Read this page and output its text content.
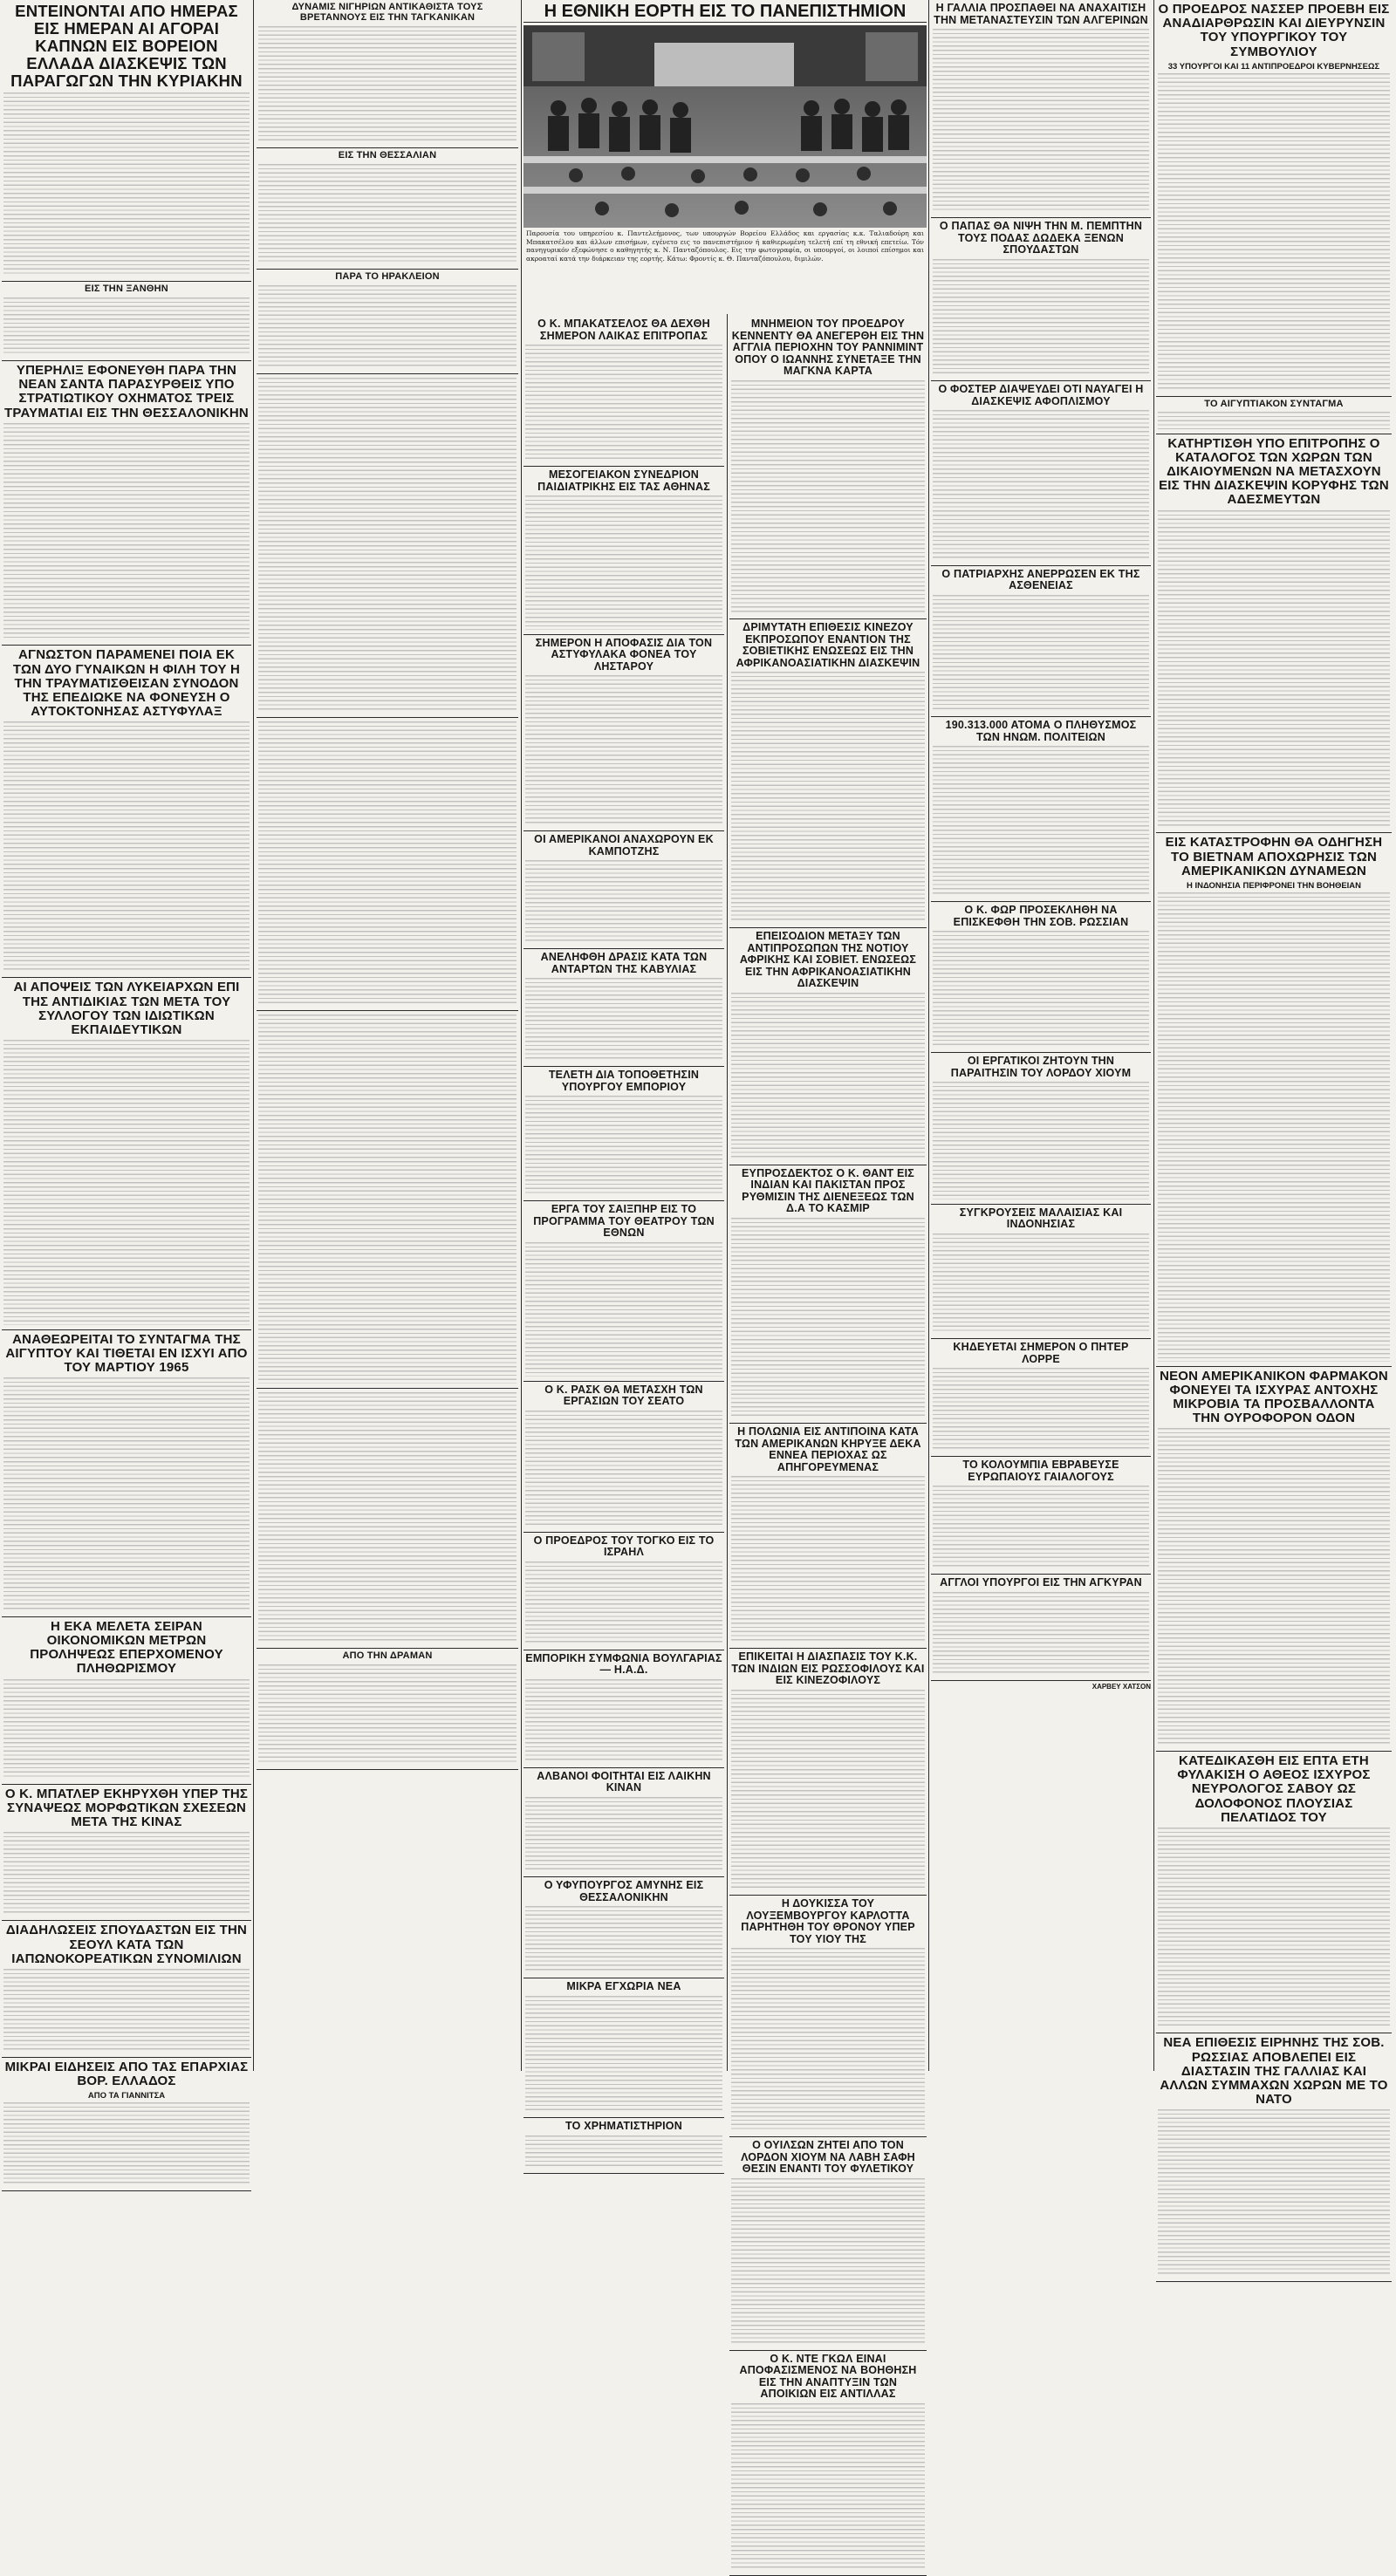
ΕΝΤΕΙΝΟΝΤΑΙ ΑΠΟ ΗΜΕΡΑΣ ΕΙΣ ΗΜΕΡΑΝ ΑΙ ΑΓΟΡΑΙ ΚΑΠΝΩΝ ΕΙΣ ΒΟΡΕΙΟΝ ΕΛΛΑΔΑ ΔΙΑΣΚΕΨΙΣ ΤΩΝ ΠΑΡΑΓΩΓΩΝ ΤΗΝ ΚΥΡΙΑΚΗΝ
ΕΙΣ ΤΗΝ ΞΑΝΘΗΝ
ΥΠΕΡΗΛΙΞ ΕΦΟΝΕΥΘΗ ΠΑΡΑ ΤΗΝ ΝΕΑΝ ΣΑΝΤΑ ΠΑΡΑΣΥΡΘΕΙΣ ΥΠΟ ΣΤΡΑΤΙΩΤΙΚΟΥ ΟΧΗΜΑΤΟΣ ΤΡΕΙΣ ΤΡΑΥΜΑΤΙΑΙ ΕΙΣ ΤΗΝ ΘΕΣΣΑΛΟΝΙΚΗΝ
ΑΓΝΩΣΤΟΝ ΠΑΡΑΜΕΝΕΙ ΠΟΙΑ ΕΚ ΤΩΝ ΔΥΟ ΓΥΝΑΙΚΩΝ Η ΦΙΛΗ ΤΟΥ Η ΤΗΝ ΤΡΑΥΜΑΤΙΣΘΕΙΣΑΝ ΣΥΝΟΔΟΝ ΤΗΣ ΕΠΕΔΙΩΚΕ ΝΑ ΦΟΝΕΥΣΗ Ο ΑΥΤΟΚΤΟΝΗΣΑΣ ΑΣΤΥΦΥΛΑΞ
ΑΙ ΑΠΟΨΕΙΣ ΤΩΝ ΛΥΚΕΙΑΡΧΩΝ ΕΠΙ ΤΗΣ ΑΝΤΙΔΙΚΙΑΣ ΤΩΝ ΜΕΤΑ ΤΟΥ ΣΥΛΛΟΓΟΥ ΤΩΝ ΙΔΙΩΤΙΚΩΝ ΕΚΠΑΙΔΕΥΤΙΚΩΝ
ΑΝΑΘΕΩΡΕΙΤΑΙ ΤΟ ΣΥΝΤΑΓΜΑ ΤΗΣ ΑΙΓΥΠΤΟΥ ΚΑΙ ΤΙΘΕΤΑΙ ΕΝ ΙΣΧΥΙ ΑΠΟ ΤΟΥ ΜΑΡΤΙΟΥ 1965
Η ΕΚΑ ΜΕΛΕΤΑ ΣΕΙΡΑΝ ΟΙΚΟΝΟΜΙΚΩΝ ΜΕΤΡΩΝ ΠΡΟΛΗΨΕΩΣ ΕΠΕΡΧΟΜΕΝΟΥ ΠΛΗΘΩΡΙΣΜΟΥ
Ο Κ. ΜΠΑΤΛΕΡ ΕΚΗΡΥΧΘΗ ΥΠΕΡ ΤΗΣ ΣΥΝΑΨΕΩΣ ΜΟΡΦΩΤΙΚΩΝ ΣΧΕΣΕΩΝ ΜΕΤΑ ΤΗΣ ΚΙΝΑΣ
ΔΙΑΔΗΛΩΣΕΙΣ ΣΠΟΥΔΑΣΤΩΝ ΕΙΣ ΤΗΝ ΣΕΟΥΛ ΚΑΤΑ ΤΩΝ ΙΑΠΩΝΟΚΟΡΕΑΤΙΚΩΝ ΣΥΝΟΜΙΛΙΩΝ
ΜΙΚΡΑΙ ΕΙΔΗΣΕΙΣ ΑΠΟ ΤΑΣ ΕΠΑΡΧΙΑΣ ΒΟΡ. ΕΛΛΑΔΟΣ
ΑΠΟ ΤΑ ΓΙΑΝΝΙΤΣΑ
ΔΥΝΑΜΙΣ ΝΙΓΗΡΙΩΝ ΑΝΤΙΚΑΘΙΣΤΑ ΤΟΥΣ ΒΡΕΤΑΝΝΟΥΣ ΕΙΣ ΤΗΝ ΤΑΓΚΑΝΙΚΑΝ
ΕΙΣ ΤΗΝ ΘΕΣΣΑΛΙΑΝ
ΠΑΡΑ ΤΟ ΗΡΑΚΛΕΙΟΝ
ΑΠΟ ΤΗΝ ΔΡΑΜΑΝ
Η ΕΘΝΙΚΗ ΕΟΡΤΗ ΕΙΣ ΤΟ ΠΑΝΕΠΙΣΤΗΜΙΟΝ
Παρουσία του υπηρεσίου κ. Παντελεήμονος, των υπουργών Βορείου Ελλάδος και εργασίας κ.κ. Ταλιαδούρη και Μπακατσέλου και άλλων επισήμων, εγένετο εις το πανεπιστήμιον ή καθιερωμένη τελετή επί τη εθνική επετείω. Τόν πανηγυρικόν εξεφώνησε ο καθηγητής κ. Ν. Πανταζόπουλος. Εις την φωτογραφία, οι υπουργοί, οι λοιποί επίσημοι και ακροαταί κατά την διάρκειαν της εορτής. Κάτω: Φροντίς κ. Θ. Πανταζόπουλου, διμιλών.
Ο Κ. ΜΠΑΚΑΤΣΕΛΟΣ ΘΑ ΔΕΧΘΗ ΣΗΜΕΡΟΝ ΛΑΙΚΑΣ ΕΠΙΤΡΟΠΑΣ
ΜΕΣΟΓΕΙΑΚΟΝ ΣΥΝΕΔΡΙΟΝ ΠΑΙΔΙΑΤΡΙΚΗΣ ΕΙΣ ΤΑΣ ΑΘΗΝΑΣ
ΣΗΜΕΡΟΝ Η ΑΠΟΦΑΣΙΣ ΔΙΑ ΤΟΝ ΑΣΤΥΦΥΛΑΚΑ ΦΟΝΕΑ ΤΟΥ ΛΗΣΤΑΡΟΥ
ΟΙ ΑΜΕΡΙΚΑΝΟΙ ΑΝΑΧΩΡΟΥΝ ΕΚ ΚΑΜΠΟΤΖΗΣ
ΑΝΕΛΗΦΘΗ ΔΡΑΣΙΣ ΚΑΤΑ ΤΩΝ ΑΝΤΑΡΤΩΝ ΤΗΣ ΚΑΒΥΛΙΑΣ
ΤΕΛΕΤΗ ΔΙΑ ΤΟΠΟΘΕΤΗΣΙΝ ΥΠΟΥΡΓΟΥ ΕΜΠΟΡΙΟΥ
ΕΡΓΑ ΤΟΥ ΣΑΙΞΠΗΡ ΕΙΣ ΤΟ ΠΡΟΓΡΑΜΜΑ ΤΟΥ ΘΕΑΤΡΟΥ ΤΩΝ ΕΘΝΩΝ
Ο Κ. ΡΑΣΚ ΘΑ ΜΕΤΑΣΧΗ ΤΩΝ ΕΡΓΑΣΙΩΝ ΤΟΥ ΣΕΑΤΟ
Ο ΠΡΟΕΔΡΟΣ ΤΟΥ ΤΟΓΚΟ ΕΙΣ ΤΟ ΙΣΡΑΗΛ
ΕΜΠΟΡΙΚΗ ΣΥΜΦΩΝΙΑ ΒΟΥΛΓΑΡΙΑΣ — Η.Α.Δ.
ΑΛΒΑΝΟΙ ΦΟΙΤΗΤΑΙ ΕΙΣ ΛΑΙΚΗΝ ΚΙΝΑΝ
Ο ΥΦΥΠΟΥΡΓΟΣ ΑΜΥΝΗΣ ΕΙΣ ΘΕΣΣΑΛΟΝΙΚΗΝ
ΜΙΚΡΑ ΕΓΧΩΡΙΑ ΝΕΑ
ΤΟ ΧΡΗΜΑΤΙΣΤΗΡΙΟΝ
ΜΝΗΜΕΙΟΝ ΤΟΥ ΠΡΟΕΔΡΟΥ ΚΕΝΝΕΝΤΥ ΘΑ ΑΝΕΓΕΡΘΗ ΕΙΣ ΤΗΝ ΑΓΓΛΙΑ ΠΕΡΙΟΧΗΝ ΤΟΥ ΡΑΝΝΙΜΙΝΤ ΟΠΟΥ Ο ΙΩΑΝΝΗΣ ΣΥΝΕΤΑΞΕ ΤΗΝ ΜΑΓΚΝΑ ΚΑΡΤΑ
ΔΡΙΜΥΤΑΤΗ ΕΠΙΘΕΣΙΣ ΚΙΝΕΖΟΥ ΕΚΠΡΟΣΩΠΟΥ ΕΝΑΝΤΙΟΝ ΤΗΣ ΣΟΒΙΕΤΙΚΗΣ ΕΝΩΣΕΩΣ ΕΙΣ ΤΗΝ ΑΦΡΙΚΑΝΟΑΣΙΑΤΙΚΗΝ ΔΙΑΣΚΕΨΙΝ
ΕΠΕΙΣΟΔΙΟΝ ΜΕΤΑΞΥ ΤΩΝ ΑΝΤΙΠΡΟΣΩΠΩΝ ΤΗΣ ΝΟΤΙΟΥ ΑΦΡΙΚΗΣ ΚΑΙ ΣΟΒΙΕΤ. ΕΝΩΣΕΩΣ ΕΙΣ ΤΗΝ ΑΦΡΙΚΑΝΟΑΣΙΑΤΙΚΗΝ ΔΙΑΣΚΕΨΙΝ
ΕΥΠΡΟΣΔΕΚΤΟΣ Ο Κ. ΘΑΝΤ ΕΙΣ ΙΝΔΙΑΝ ΚΑΙ ΠΑΚΙΣΤΑΝ ΠΡΟΣ ΡΥΘΜΙΣΙΝ ΤΗΣ ΔΙΕΝΕΞΕΩΣ ΤΩΝ Δ.Α ΤΟ ΚΑΣΜΙΡ
Η ΠΟΛΩΝΙΑ ΕΙΣ ΑΝΤΙΠΟΙΝΑ ΚΑΤΑ ΤΩΝ ΑΜΕΡΙΚΑΝΩΝ ΚΗΡΥΞΕ ΔΕΚΑ ΕΝΝΕΑ ΠΕΡΙΟΧΑΣ ΩΣ ΑΠΗΓΟΡΕΥΜΕΝΑΣ
ΕΠΙΚΕΙΤΑΙ Η ΔΙΑΣΠΑΣΙΣ ΤΟΥ Κ.Κ. ΤΩΝ ΙΝΔΙΩΝ ΕΙΣ ΡΩΣΣΟΦΙΛΟΥΣ ΚΑΙ ΕΙΣ ΚΙΝΕΖΟΦΙΛΟΥΣ
Η ΔΟΥΚΙΣΣΑ ΤΟΥ ΛΟΥΞΕΜΒΟΥΡΓΟΥ ΚΑΡΛΟΤΤΑ ΠΑΡΗΤΗΘΗ ΤΟΥ ΘΡΟΝΟΥ ΥΠΕΡ ΤΟΥ ΥΙΟΥ ΤΗΣ
Ο ΟΥΙΛΣΩΝ ΖΗΤΕΙ ΑΠΟ ΤΟΝ ΛΟΡΔΟΝ ΧΙΟΥΜ ΝΑ ΛΑΒΗ ΣΑΦΗ ΘΕΣΙΝ ΕΝΑΝΤΙ ΤΟΥ ΦΥΛΕΤΙΚΟΥ
Ο Κ. ΝΤΕ ΓΚΩΛ ΕΙΝΑΙ ΑΠΟΦΑΣΙΣΜΕΝΟΣ ΝΑ ΒΟΗΘΗΣΗ ΕΙΣ ΤΗΝ ΑΝΑΠΤΥΞΙΝ ΤΩΝ ΑΠΟΙΚΙΩΝ ΕΙΣ ΑΝΤΙΛΛΑΣ
Η ΓΑΛΛΙΑ ΠΡΟΣΠΑΘΕΙ ΝΑ ΑΝΑΧΑΙΤΙΣΗ ΤΗΝ ΜΕΤΑΝΑΣΤΕΥΣΙΝ ΤΩΝ ΑΛΓΕΡΙΝΩΝ
Ο ΠΑΠΑΣ ΘΑ ΝΙΨΗ ΤΗΝ Μ. ΠΕΜΠΤΗΝ ΤΟΥΣ ΠΟΔΑΣ ΔΩΔΕΚΑ ΞΕΝΩΝ ΣΠΟΥΔΑΣΤΩΝ
Ο ΦΟΣΤΕΡ ΔΙΑΨΕΥΔΕΙ ΟΤΙ ΝΑΥΑΓΕΙ Η ΔΙΑΣΚΕΨΙΣ ΑΦΟΠΛΙΣΜΟΥ
Ο ΠΑΤΡΙΑΡΧΗΣ ΑΝΕΡΡΩΣΕΝ ΕΚ ΤΗΣ ΑΣΘΕΝΕΙΑΣ
190.313.000 ΑΤΟΜΑ Ο ΠΛΗΘΥΣΜΟΣ ΤΩΝ ΗΝΩΜ. ΠΟΛΙΤΕΙΩΝ
Ο Κ. ΦΩΡ ΠΡΟΣΕΚΛΗΘΗ ΝΑ ΕΠΙΣΚΕΦΘΗ ΤΗΝ ΣΟΒ. ΡΩΣΣΙΑΝ
ΟΙ ΕΡΓΑΤΙΚΟΙ ΖΗΤΟΥΝ ΤΗΝ ΠΑΡΑΙΤΗΣΙΝ ΤΟΥ ΛΟΡΔΟΥ ΧΙΟΥΜ
ΣΥΓΚΡΟΥΣΕΙΣ ΜΑΛΑΙΣΙΑΣ ΚΑΙ ΙΝΔΟΝΗΣΙΑΣ
ΚΗΔΕΥΕΤΑΙ ΣΗΜΕΡΟΝ Ο ΠΗΤΕΡ ΛΟΡΡΕ
ΤΟ ΚΟΛΟΥΜΠΙΑ ΕΒΡΑΒΕΥΣΕ ΕΥΡΩΠΑΙΟΥΣ ΓΑΙΑΛΟΓΟΥΣ
ΑΓΓΛΟΙ ΥΠΟΥΡΓΟΙ ΕΙΣ ΤΗΝ ΑΓΚΥΡΑΝ
ΧΑΡΒΕΥ ΧΑΤΣΟΝ
Ο ΠΡΟΕΔΡΟΣ ΝΑΣΣΕΡ ΠΡΟΕΒΗ ΕΙΣ ΑΝΑΔΙΑΡΘΡΩΣΙΝ ΚΑΙ ΔΙΕΥΡΥΝΣΙΝ ΤΟΥ ΥΠΟΥΡΓΙΚΟΥ ΤΟΥ ΣΥΜΒΟΥΛΙΟΥ
33 ΥΠΟΥΡΓΟΙ ΚΑΙ 11 ΑΝΤΙΠΡΟΕΔΡΟΙ ΚΥΒΕΡΝΗΣΕΩΣ
ΤΟ ΑΙΓΥΠΤΙΑΚΟΝ ΣΥΝΤΑΓΜΑ
ΚΑΤΗΡΤΙΣΘΗ ΥΠΟ ΕΠΙΤΡΟΠΗΣ Ο ΚΑΤΑΛΟΓΟΣ ΤΩΝ ΧΩΡΩΝ ΤΩΝ ΔΙΚΑΙΟΥΜΕΝΩΝ ΝΑ ΜΕΤΑΣΧΟΥΝ ΕΙΣ ΤΗΝ ΔΙΑΣΚΕΨΙΝ ΚΟΡΥΦΗΣ ΤΩΝ ΑΔΕΣΜΕΥΤΩΝ
ΕΙΣ ΚΑΤΑΣΤΡΟΦΗΝ ΘΑ ΟΔΗΓΗΣΗ ΤΟ ΒΙΕΤΝΑΜ ΑΠΟΧΩΡΗΣΙΣ ΤΩΝ ΑΜΕΡΙΚΑΝΙΚΩΝ ΔΥΝΑΜΕΩΝ
Η ΙΝΔΟΝΗΣΙΑ ΠΕΡΙΦΡΟΝΕΙ ΤΗΝ ΒΟΗΘΕΙΑΝ
ΝΕΟΝ ΑΜΕΡΙΚΑΝΙΚΟΝ ΦΑΡΜΑΚΟΝ ΦΟΝΕΥΕΙ ΤΑ ΙΣΧΥΡΑΣ ΑΝΤΟΧΗΣ ΜΙΚΡΟΒΙΑ ΤΑ ΠΡΟΣΒΑΛΛΟΝΤΑ ΤΗΝ ΟΥΡΟΦΟΡΟΝ ΟΔΟΝ
ΚΑΤΕΔΙΚΑΣΘΗ ΕΙΣ ΕΠΤΑ ΕΤΗ ΦΥΛΑΚΙΣΗ Ο ΑΘΕΟΣ ΙΣΧΥΡΟΣ ΝΕΥΡΟΛΟΓΟΣ ΣΑΒΟΥ ΩΣ ΔΟΛΟΦΟΝΟΣ ΠΛΟΥΣΙΑΣ ΠΕΛΑΤΙΔΟΣ ΤΟΥ
ΝΕΑ ΕΠΙΘΕΣΙΣ ΕΙΡΗΝΗΣ ΤΗΣ ΣΟΒ. ΡΩΣΣΙΑΣ ΑΠΟΒΛΕΠΕΙ ΕΙΣ ΔΙΑΣΤΑΣΙΝ ΤΗΣ ΓΑΛΛΙΑΣ ΚΑΙ ΑΛΛΩΝ ΣΥΜΜΑΧΩΝ ΧΩΡΩΝ ΜΕ ΤΟ ΝΑΤΟ
